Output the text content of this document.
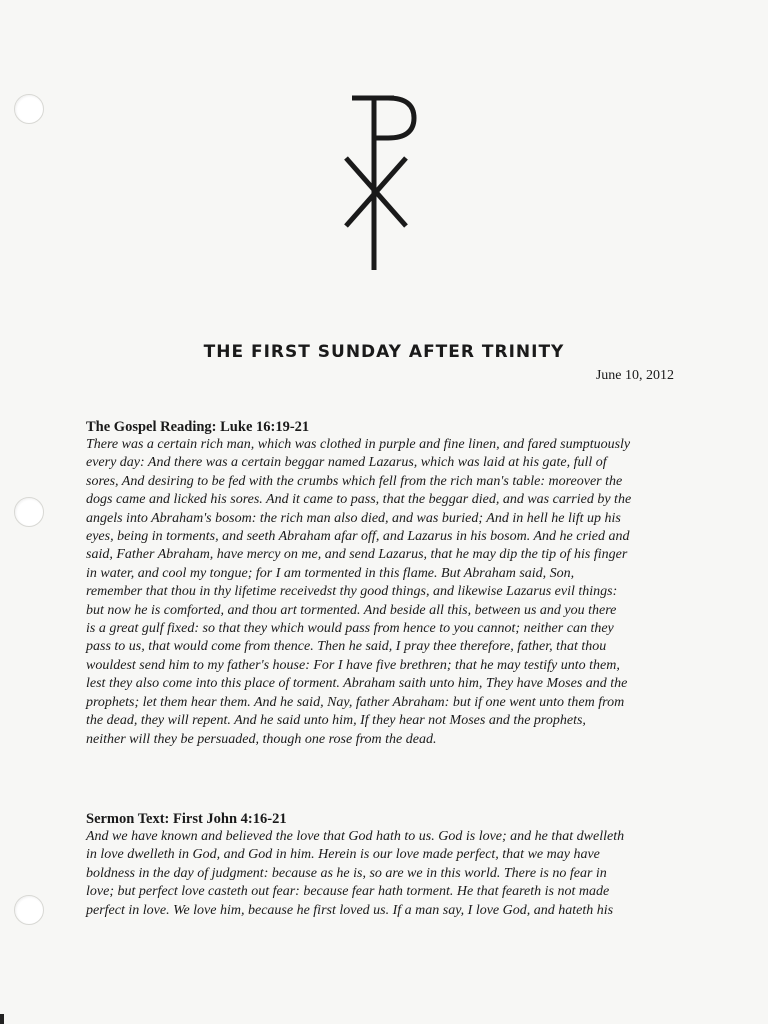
THE FIRST SUNDAY AFTER TRINITY
June 10, 2012
The Gospel Reading: Luke 16:19-21
There was a certain rich man, which was clothed in purple and fine linen, and fared sumptuously
every day: And there was a certain beggar named Lazarus, which was laid at his gate, full of
sores, And desiring to be fed with the crumbs which fell from the rich man's table: moreover the
dogs came and licked his sores. And it came to pass, that the beggar died, and was carried by the
angels into Abraham's bosom: the rich man also died, and was buried; And in hell he lift up his
eyes, being in torments, and seeth Abraham afar off, and Lazarus in his bosom. And he cried and
said, Father Abraham, have mercy on me, and send Lazarus, that he may dip the tip of his finger
in water, and cool my tongue; for I am tormented in this flame. But Abraham said, Son,
remember that thou in thy lifetime receivedst thy good things, and likewise Lazarus evil things:
but now he is comforted, and thou art tormented. And beside all this, between us and you there
is a great gulf fixed: so that they which would pass from hence to you cannot; neither can they
pass to us, that would come from thence. Then he said, I pray thee therefore, father, that thou
wouldest send him to my father's house: For I have five brethren; that he may testify unto them,
lest they also come into this place of torment. Abraham saith unto him, They have Moses and the
prophets; let them hear them. And he said, Nay, father Abraham: but if one went unto them from
the dead, they will repent. And he said unto him, If they hear not Moses and the prophets,
neither will they be persuaded, though one rose from the dead.
Sermon Text: First John 4:16-21
And we have known and believed the love that God hath to us. God is love; and he that dwelleth
in love dwelleth in God, and God in him. Herein is our love made perfect, that we may have
boldness in the day of judgment: because as he is, so are we in this world. There is no fear in
love; but perfect love casteth out fear: because fear hath torment. He that feareth is not made
perfect in love. We love him, because he first loved us. If a man say, I love God, and hateth his
